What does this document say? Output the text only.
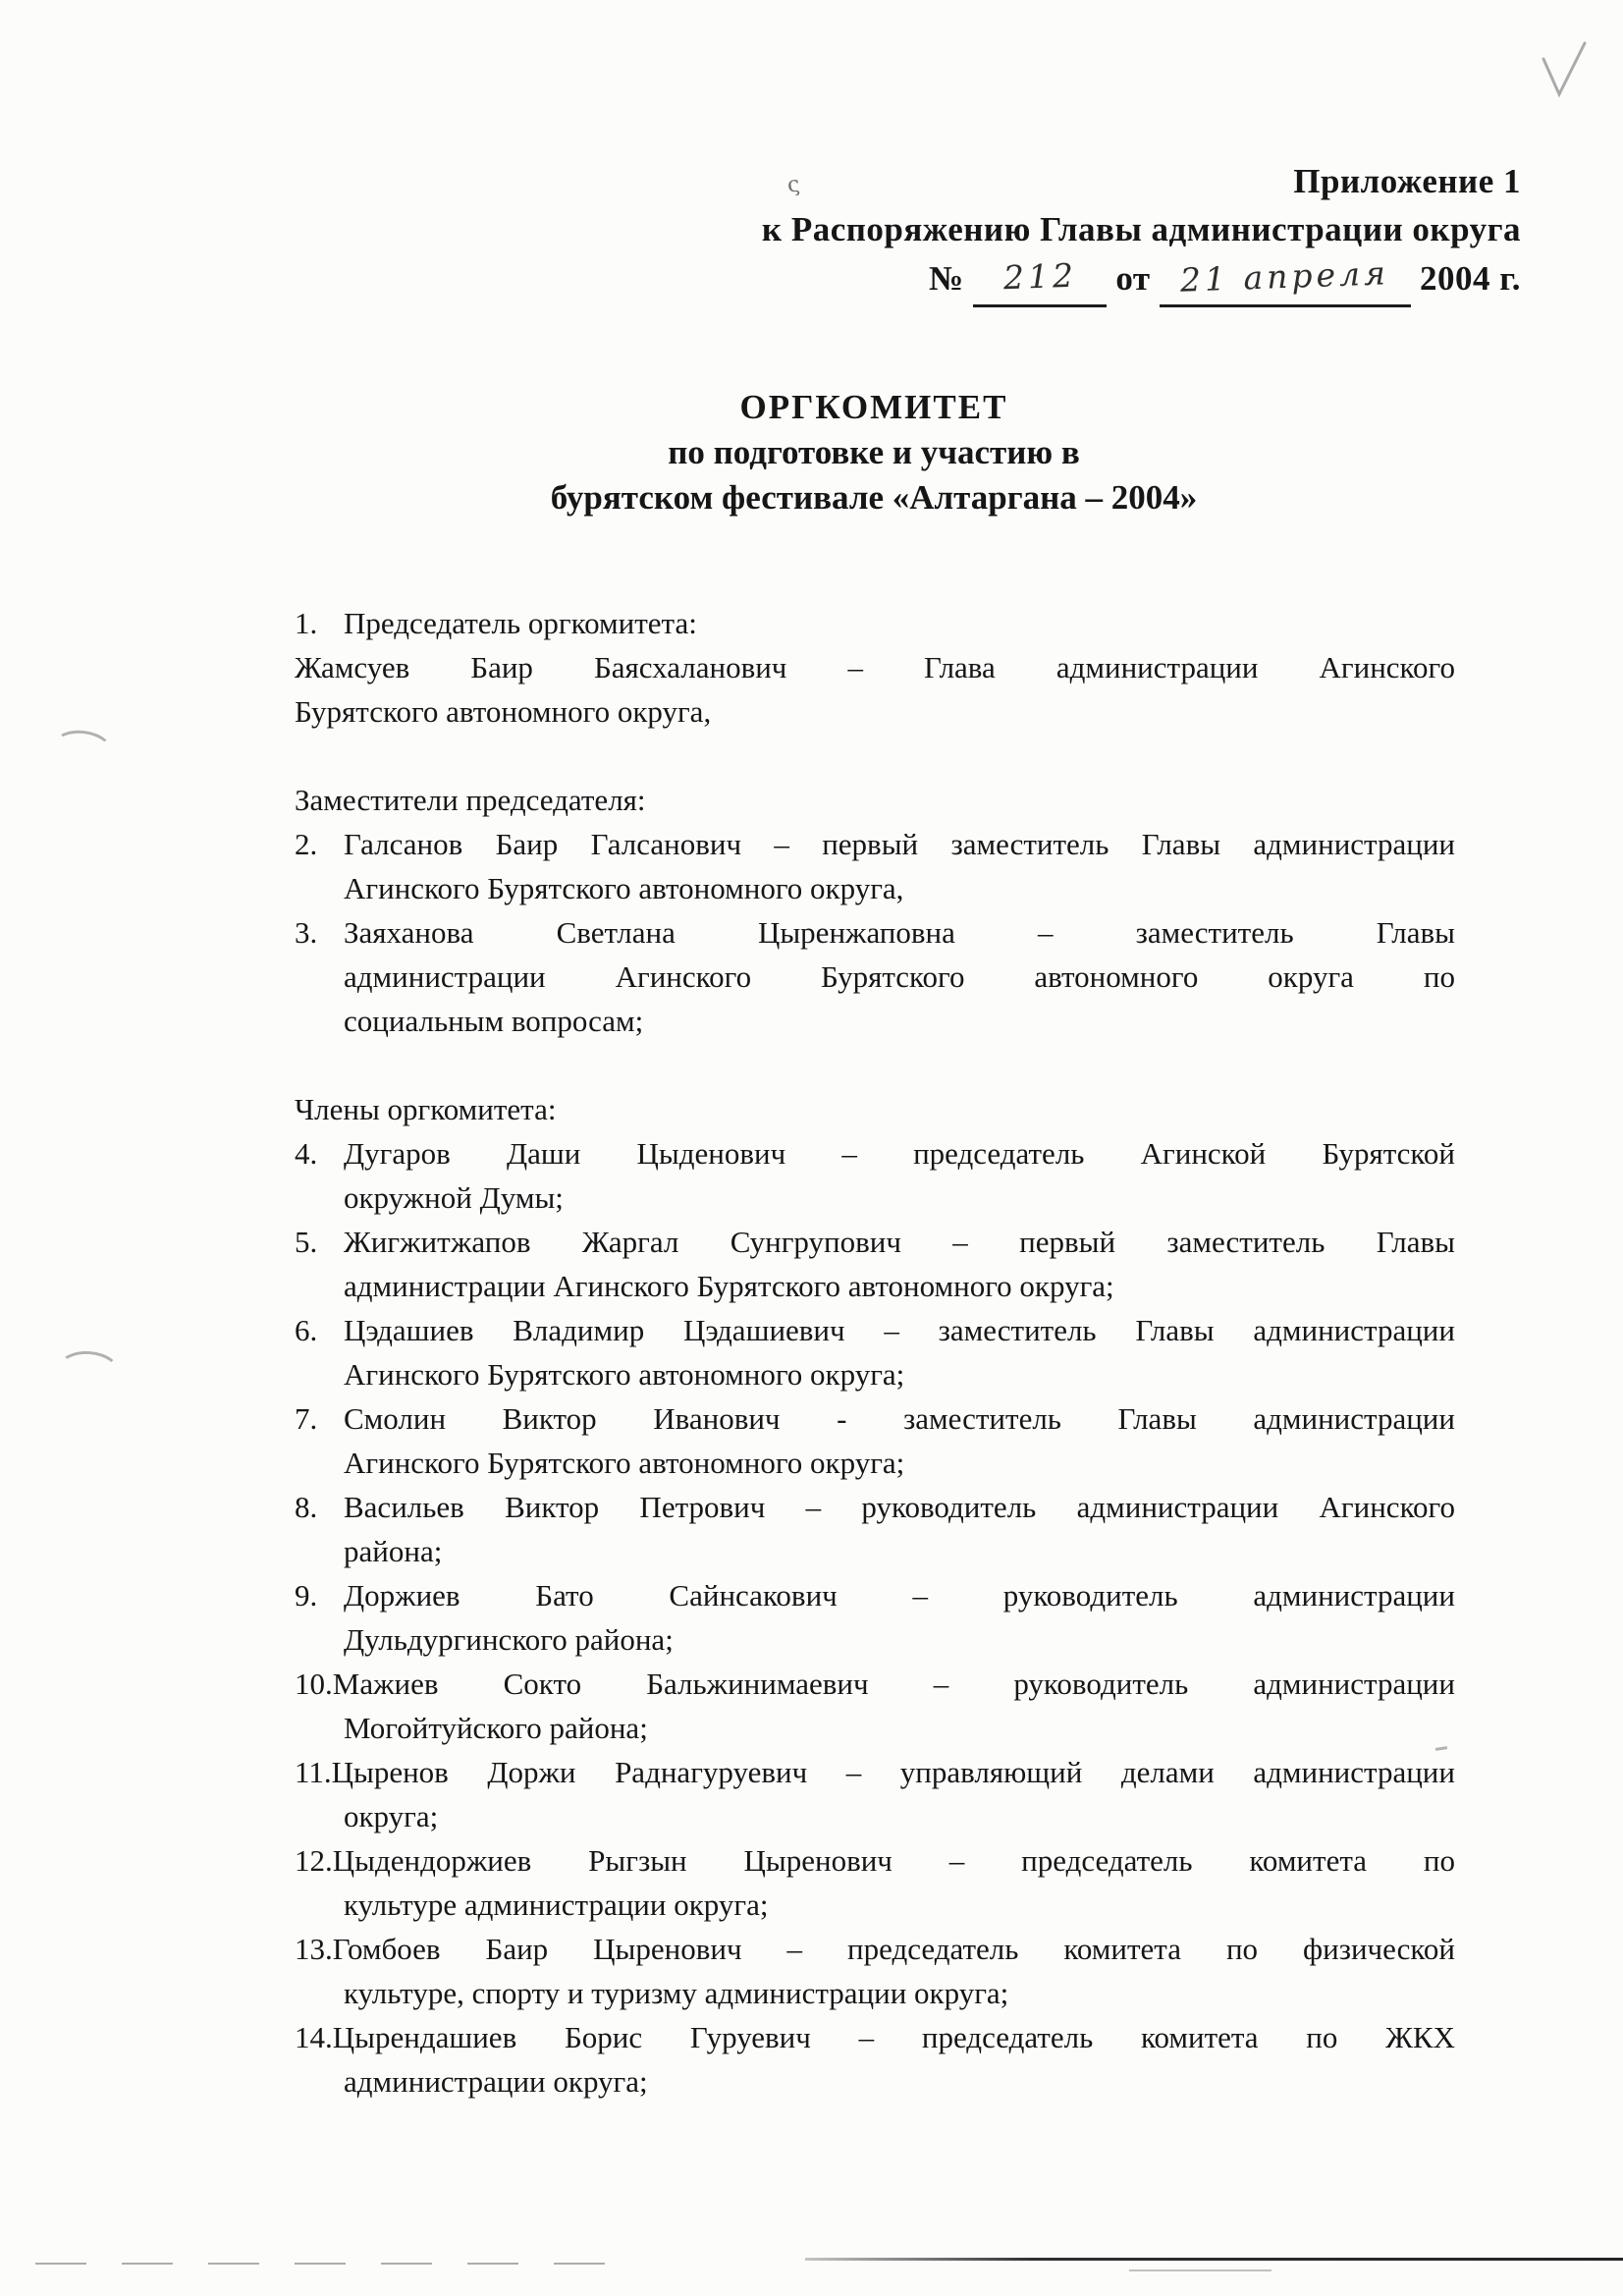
ς	Приложение 1
к Распоряжению Главы администрации округа
№ 212 от 21 апреля 2004 г.
ОРГКОМИТЕТ
по подготовке и участию в
бурятском фестивале «Алтаргана – 2004»
1. Председатель оргкомитета:
Жамсуев Баир Баясхаланович – Глава администрации Агинского
Бурятского автономного округа,
Заместители председателя:
2. Галсанов Баир Галсанович – первый заместитель Главы администрации
Агинского Бурятского автономного округа,
3. Заяханова Светлана Цыренжаповна – заместитель Главы
администрации Агинского Бурятского автономного округа по
социальным вопросам;
Члены оргкомитета:
4. Дугаров Даши Цыденович – председатель Агинской Бурятской
окружной Думы;
5. Жигжитжапов Жаргал Сунгрупович – первый заместитель Главы
администрации Агинского Бурятского автономного округа;
6. Цэдашиев Владимир Цэдашиевич – заместитель Главы администрации
Агинского Бурятского автономного округа;
7. Смолин Виктор Иванович - заместитель Главы администрации
Агинского Бурятского автономного округа;
8. Васильев Виктор Петрович – руководитель администрации Агинского
района;
9. Доржиев Бато Сайнсакович – руководитель администрации
Дульдургинского района;
10. Мажиев Сокто Бальжинимаевич – руководитель администрации
Могойтуйского района;
11. Цыренов Доржи Раднагуруевич – управляющий делами администрации
округа;
12. Цыдендоржиев Рыгзын Цыренович – председатель комитета по
культуре администрации округа;
13. Гомбоев Баир Цыренович – председатель комитета по физической
культуре, спорту и туризму администрации округа;
14. Цырендашиев Борис Гуруевич – председатель комитета по ЖКХ
администрации округа;
